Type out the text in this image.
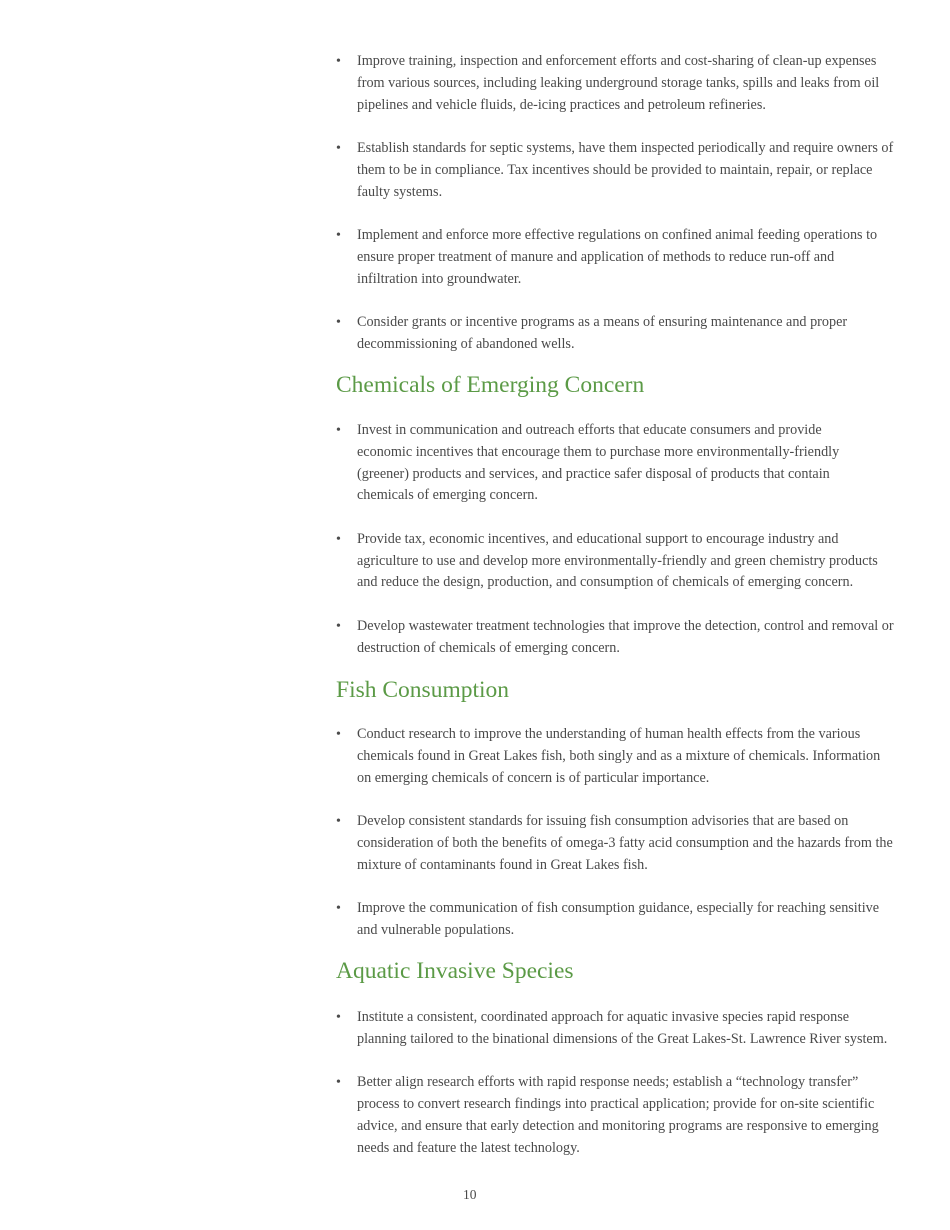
• Improve training, inspection and enforcement efforts and cost-sharing of clean-up expenses from various sources, including leaking underground storage tanks, spills and leaks from oil pipelines and vehicle fluids, de-icing practices and petroleum refineries.
• Establish standards for septic systems, have them inspected periodically and require owners of them to be in compliance. Tax incentives should be provided to maintain, repair, or replace faulty systems.
• Implement and enforce more effective regulations on confined animal feeding operations to ensure proper treatment of manure and application of methods to reduce run-off and infiltration into groundwater.
• Consider grants or incentive programs as a means of ensuring maintenance and proper decommissioning of abandoned wells.
Chemicals of Emerging Concern
• Invest in communication and outreach efforts that educate consumers and provide economic incentives that encourage them to purchase more environmentally-friendly (greener) products and services, and practice safer disposal of products that contain chemicals of emerging concern.
• Provide tax, economic incentives, and educational support to encourage industry and agriculture to use and develop more environmentally-friendly and green chemistry products and reduce the design, production, and consumption of chemicals of emerging concern.
• Develop wastewater treatment technologies that improve the detection, control and removal or destruction of chemicals of emerging concern.
Fish Consumption
• Conduct research to improve the understanding of human health effects from the various chemicals found in Great Lakes fish, both singly and as a mixture of chemicals. Information on emerging chemicals of concern is of particular importance.
• Develop consistent standards for issuing fish consumption advisories that are based on consideration of both the benefits of omega-3 fatty acid consumption and the hazards from the mixture of contaminants found in Great Lakes fish.
• Improve the communication of fish consumption guidance, especially for reaching sensitive and vulnerable populations.
Aquatic Invasive Species
• Institute a consistent, coordinated approach for aquatic invasive species rapid response planning tailored to the binational dimensions of the Great Lakes-St. Lawrence River system.
• Better align research efforts with rapid response needs; establish a “technology transfer” process to convert research findings into practical application; provide for on-site scientific advice, and ensure that early detection and monitoring programs are responsive to emerging needs and feature the latest technology.
10
